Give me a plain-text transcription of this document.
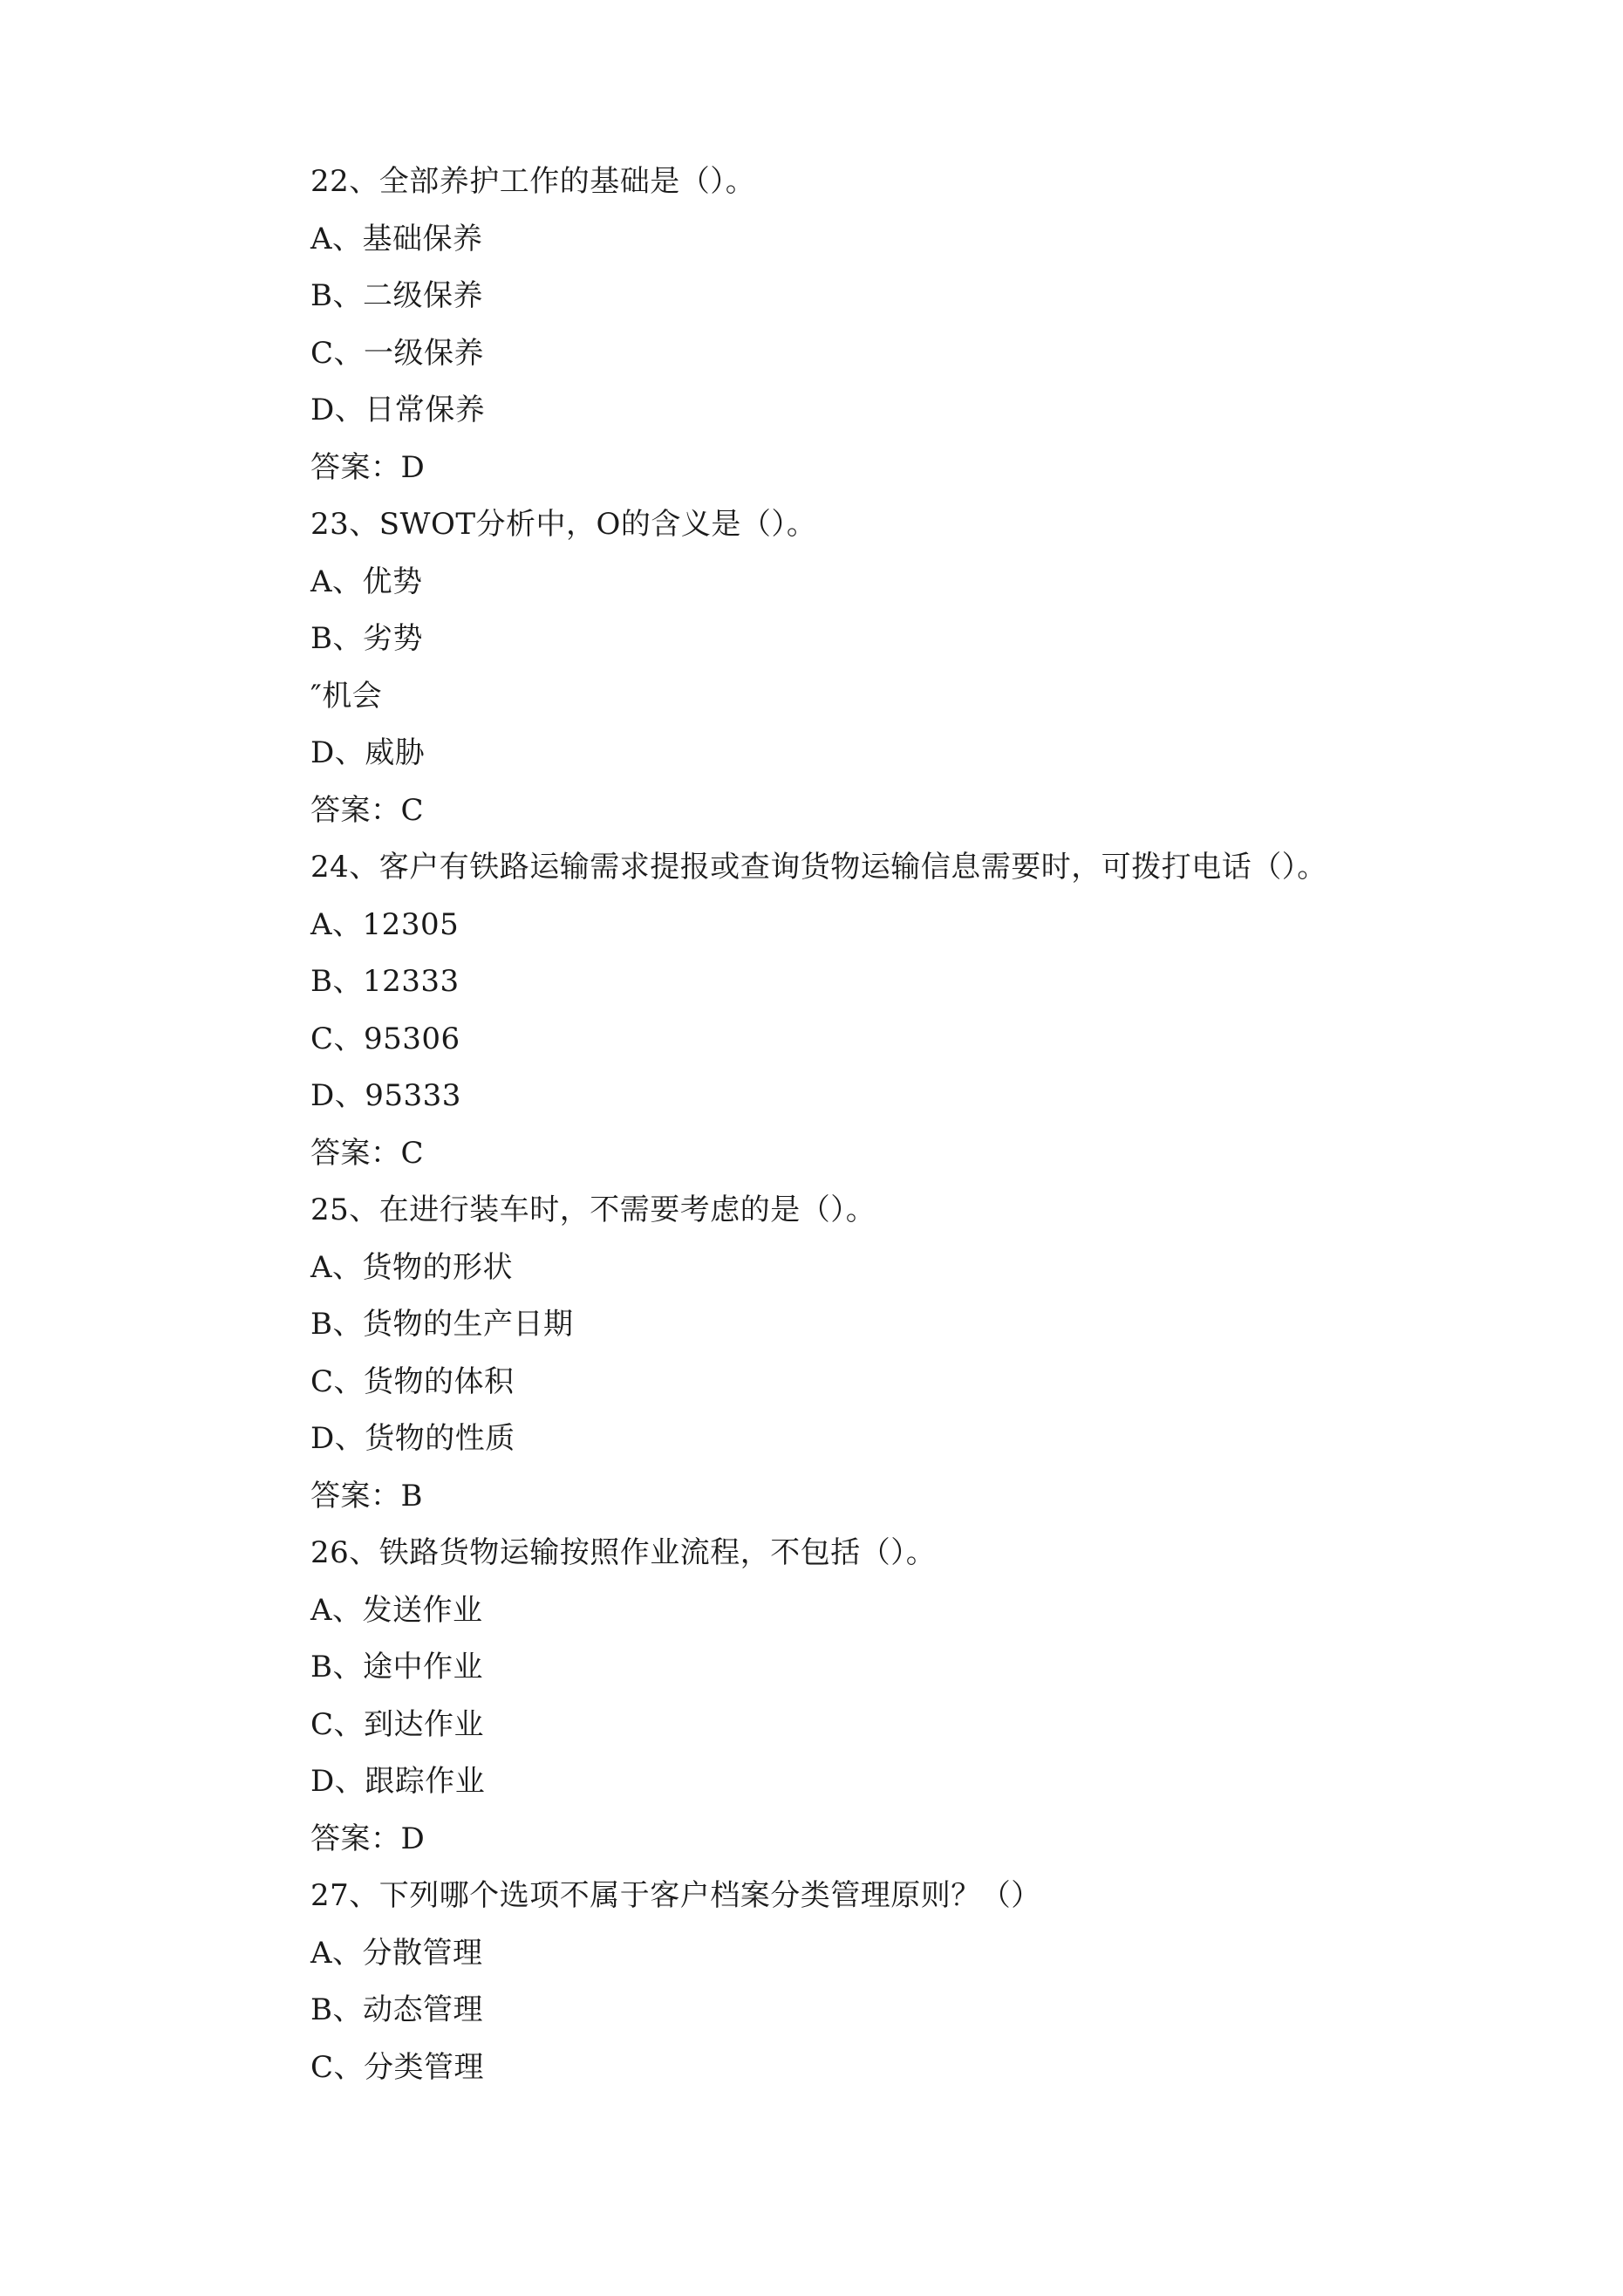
22、全部养护工作的基础是（）。
A、基础保养
B、二级保养
C、一级保养
D、日常保养
答案：D
23、SWOT分析中，O的含义是（）。
A、优势
B、劣势
″机会
D、威胁
答案：C
24、客户有铁路运输需求提报或查询货物运输信息需要时，可拨打电话（）。
A、12305
B、12333
C、95306
D、95333
答案：C
25、在进行装车时，不需要考虑的是（）。
A、货物的形状
B、货物的生产日期
C、货物的体积
D、货物的性质
答案：B
26、铁路货物运输按照作业流程，不包括（）。
A、发送作业
B、途中作业
C、到达作业
D、跟踪作业
答案：D
27、下列哪个选项不属于客户档案分类管理原则？（）
A、分散管理
B、动态管理
C、分类管理
